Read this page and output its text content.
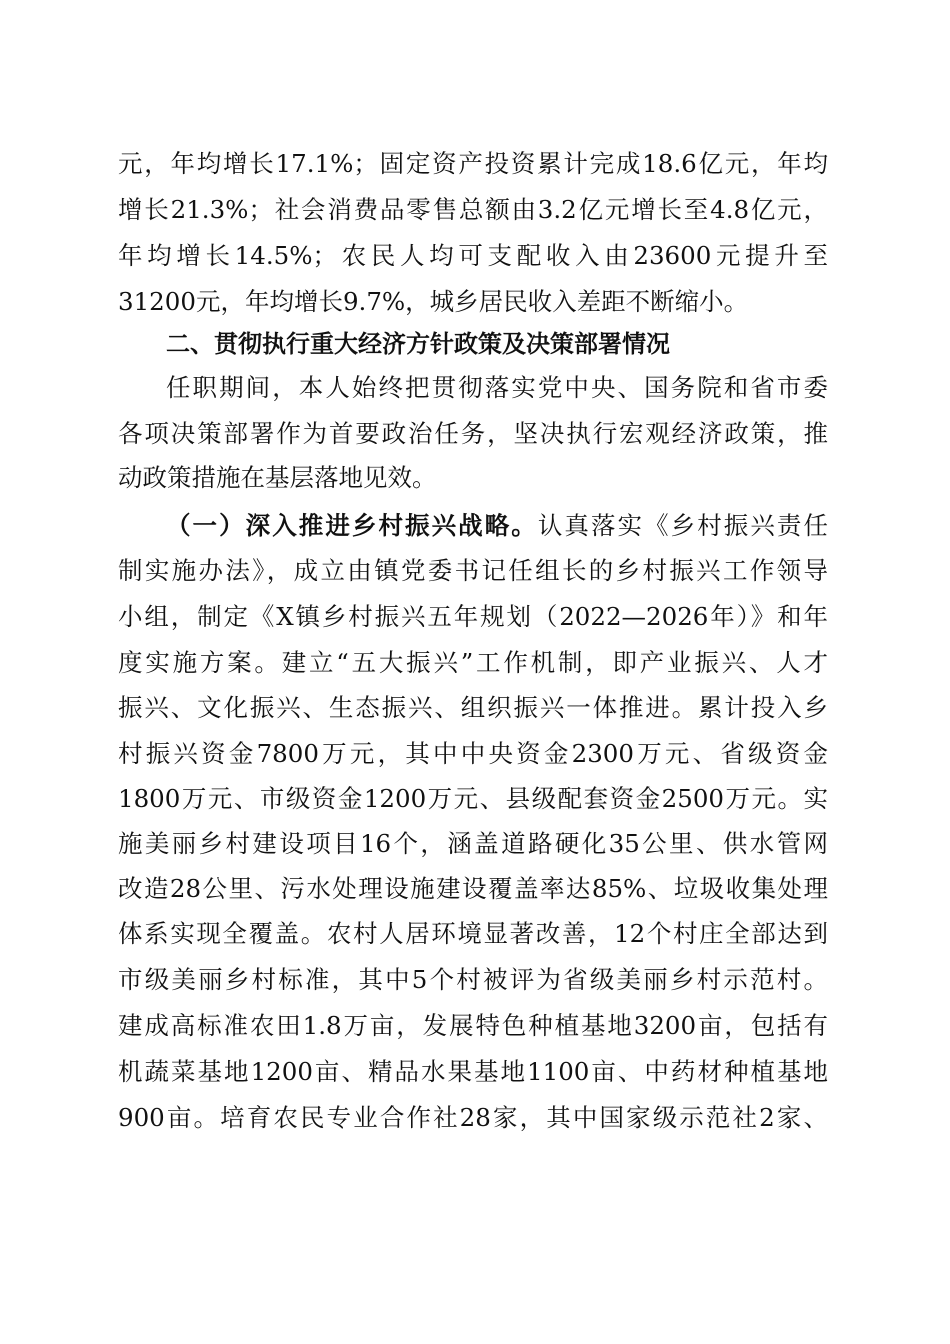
元，年均增长17.1%；固定资产投资累计完成18.6亿元，年均
增长21.3%；社会消费品零售总额由3.2亿元增长至4.8亿元，
年均增长14.5%；农民人均可支配收入由23600元提升至
31200元，年均增长9.7%，城乡居民收入差距不断缩小。
二、贯彻执行重大经济方针政策及决策部署情况
任职期间，本人始终把贯彻落实党中央、国务院和省市委
各项决策部署作为首要政治任务，坚决执行宏观经济政策，推
动政策措施在基层落地见效。
（一）深入推进乡村振兴战略。认真落实《乡村振兴责任
制实施办法》，成立由镇党委书记任组长的乡村振兴工作领导
小组，制定《X镇乡村振兴五年规划（2022—2026年）》和年
度实施方案。建立“五大振兴”工作机制，即产业振兴、人才
振兴、文化振兴、生态振兴、组织振兴一体推进。累计投入乡
村振兴资金7800万元，其中中央资金2300万元、省级资金
1800万元、市级资金1200万元、县级配套资金2500万元。实
施美丽乡村建设项目16个，涵盖道路硬化35公里、供水管网
改造28公里、污水处理设施建设覆盖率达85%、垃圾收集处理
体系实现全覆盖。农村人居环境显著改善，12个村庄全部达到
市级美丽乡村标准，其中5个村被评为省级美丽乡村示范村。
建成高标准农田1.8万亩，发展特色种植基地3200亩，包括有
机蔬菜基地1200亩、精品水果基地1100亩、中药材种植基地
900亩。培育农民专业合作社28家，其中国家级示范社2家、
